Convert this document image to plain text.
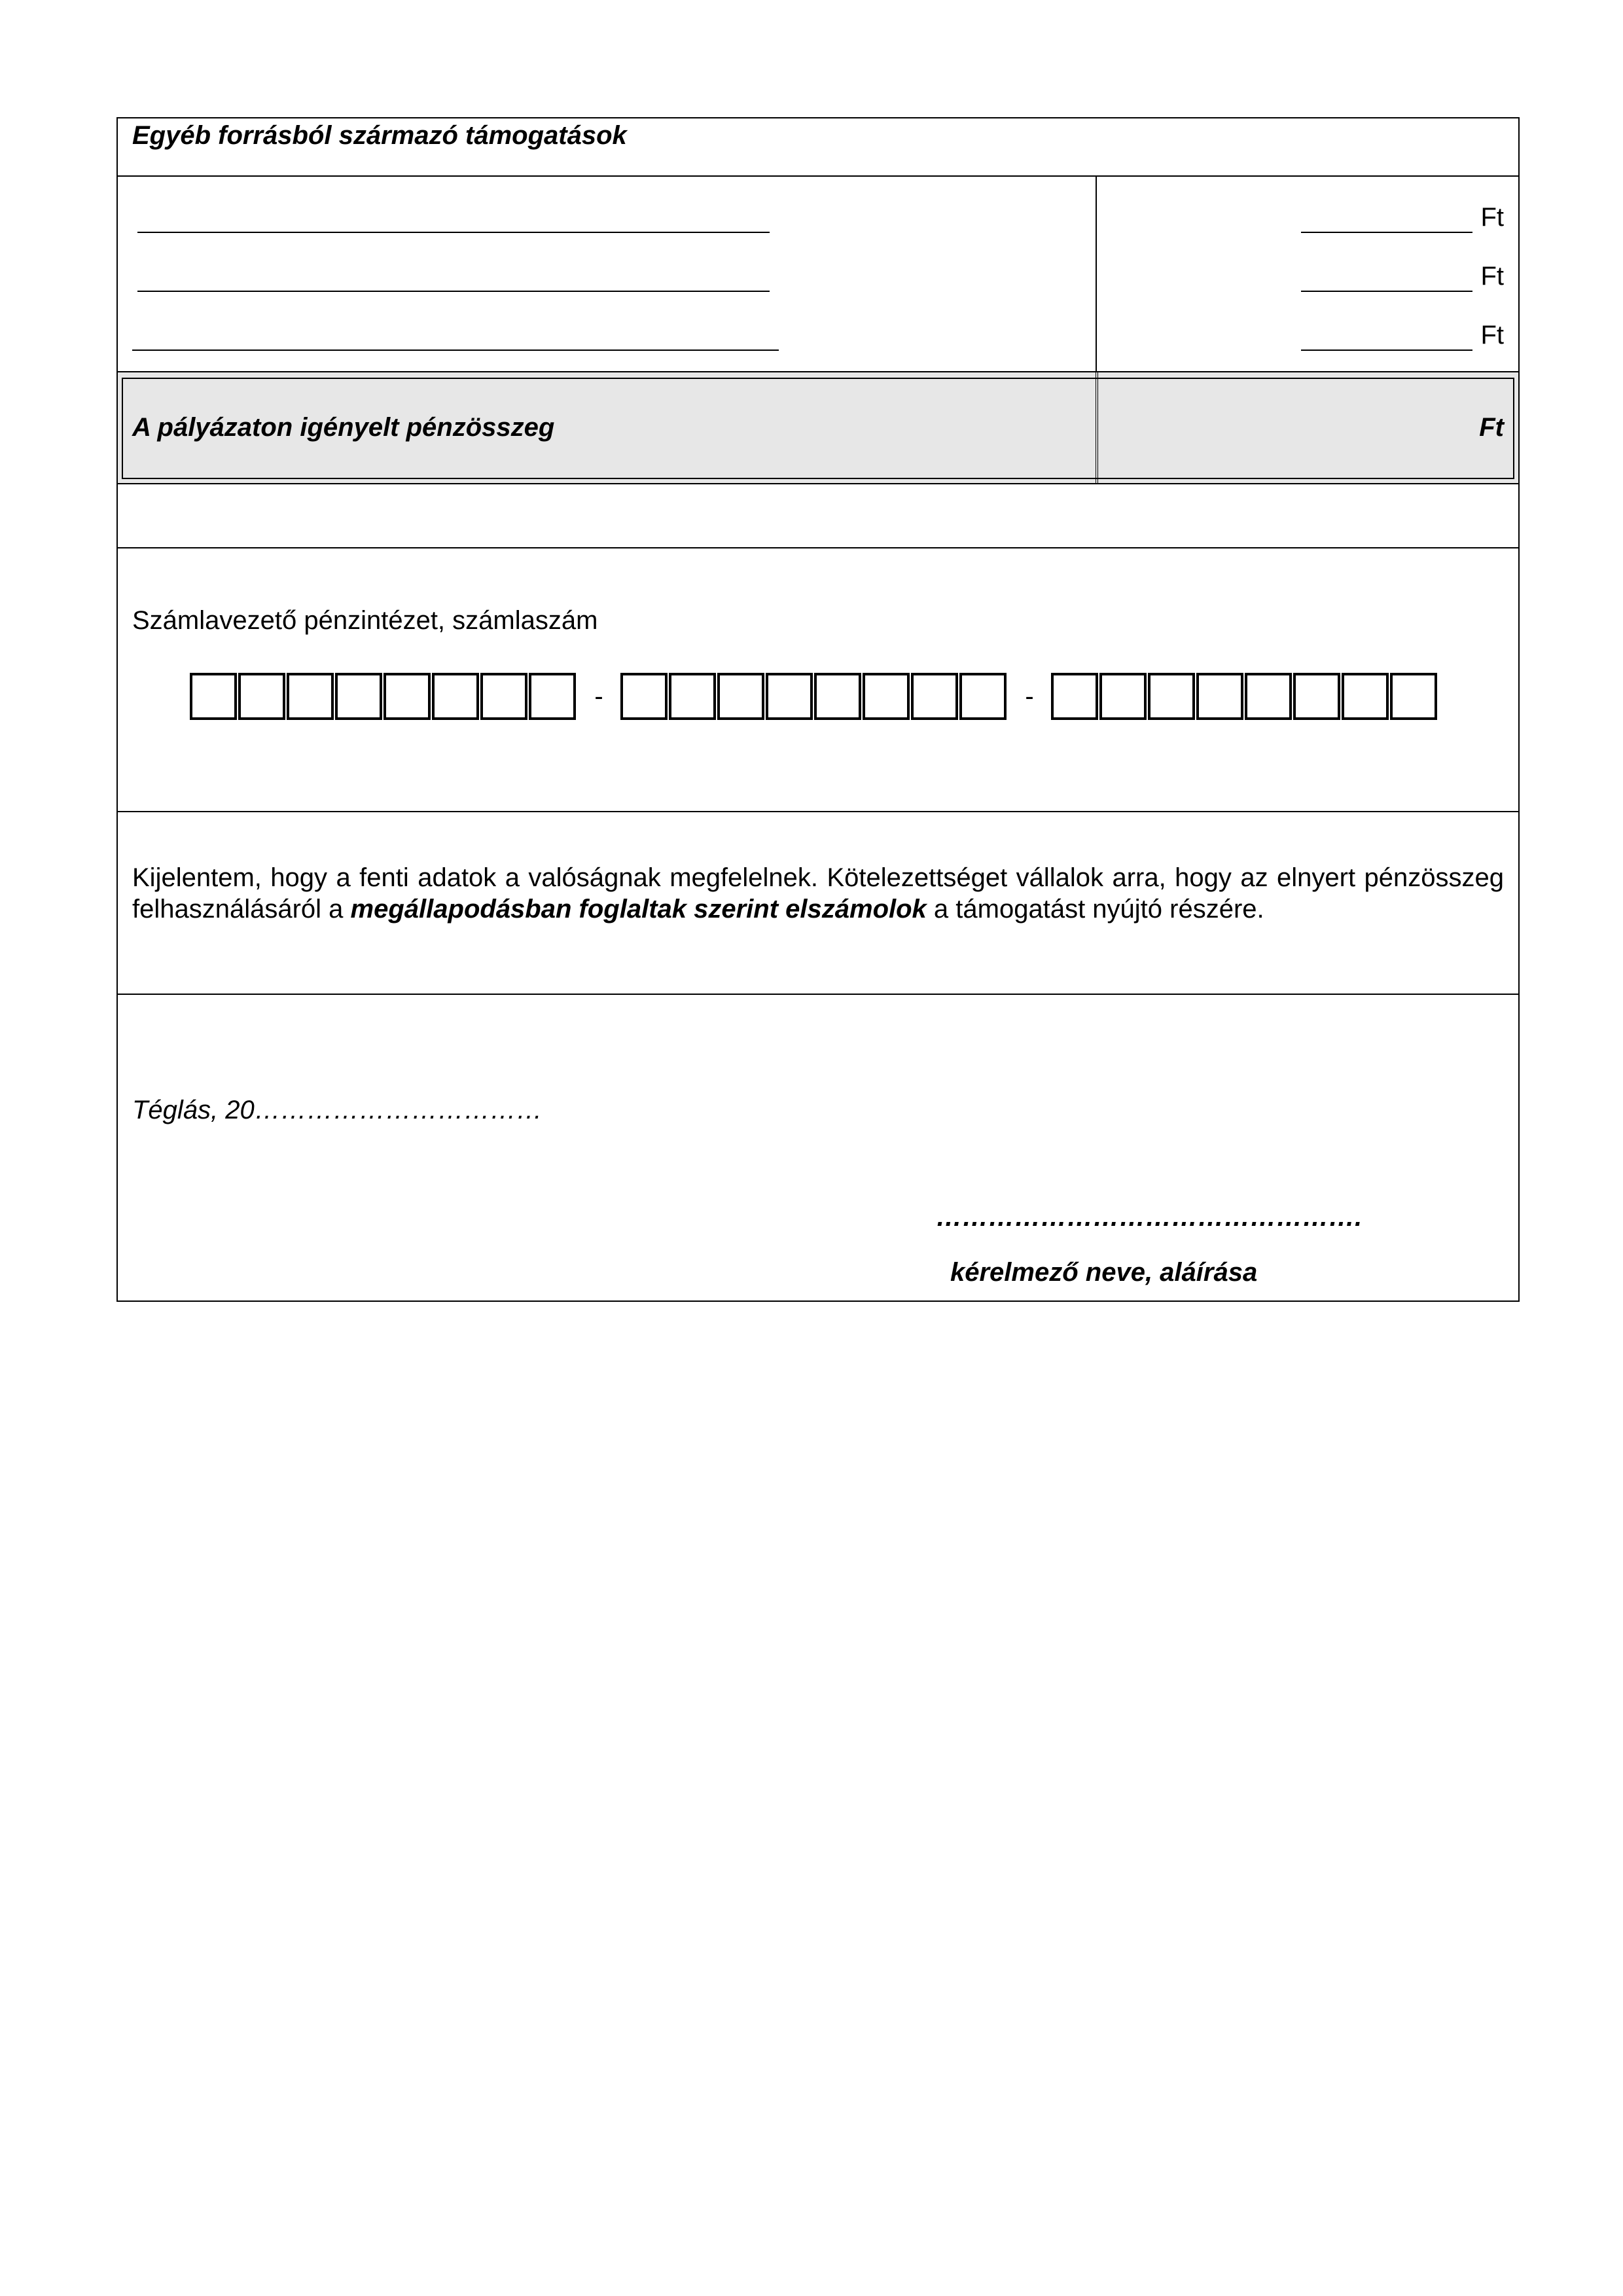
Egyéb forrásból származó támogatások
Ft
Ft
Ft
A pályázaton igényelt pénzösszeg	Ft
Számlavezető pénzintézet, számlaszám
-	-

Kijelentem, hogy a fenti adatok a valóságnak megfelelnek. Kötelezettséget vállalok arra, hogy az elnyert pénzösszeg felhasználásáról a megállapodásban foglaltak szerint elszámolok a támogatást nyújtó részére.

Téglás, 20……………………………
………………………………………….
kérelmező neve, aláírása
